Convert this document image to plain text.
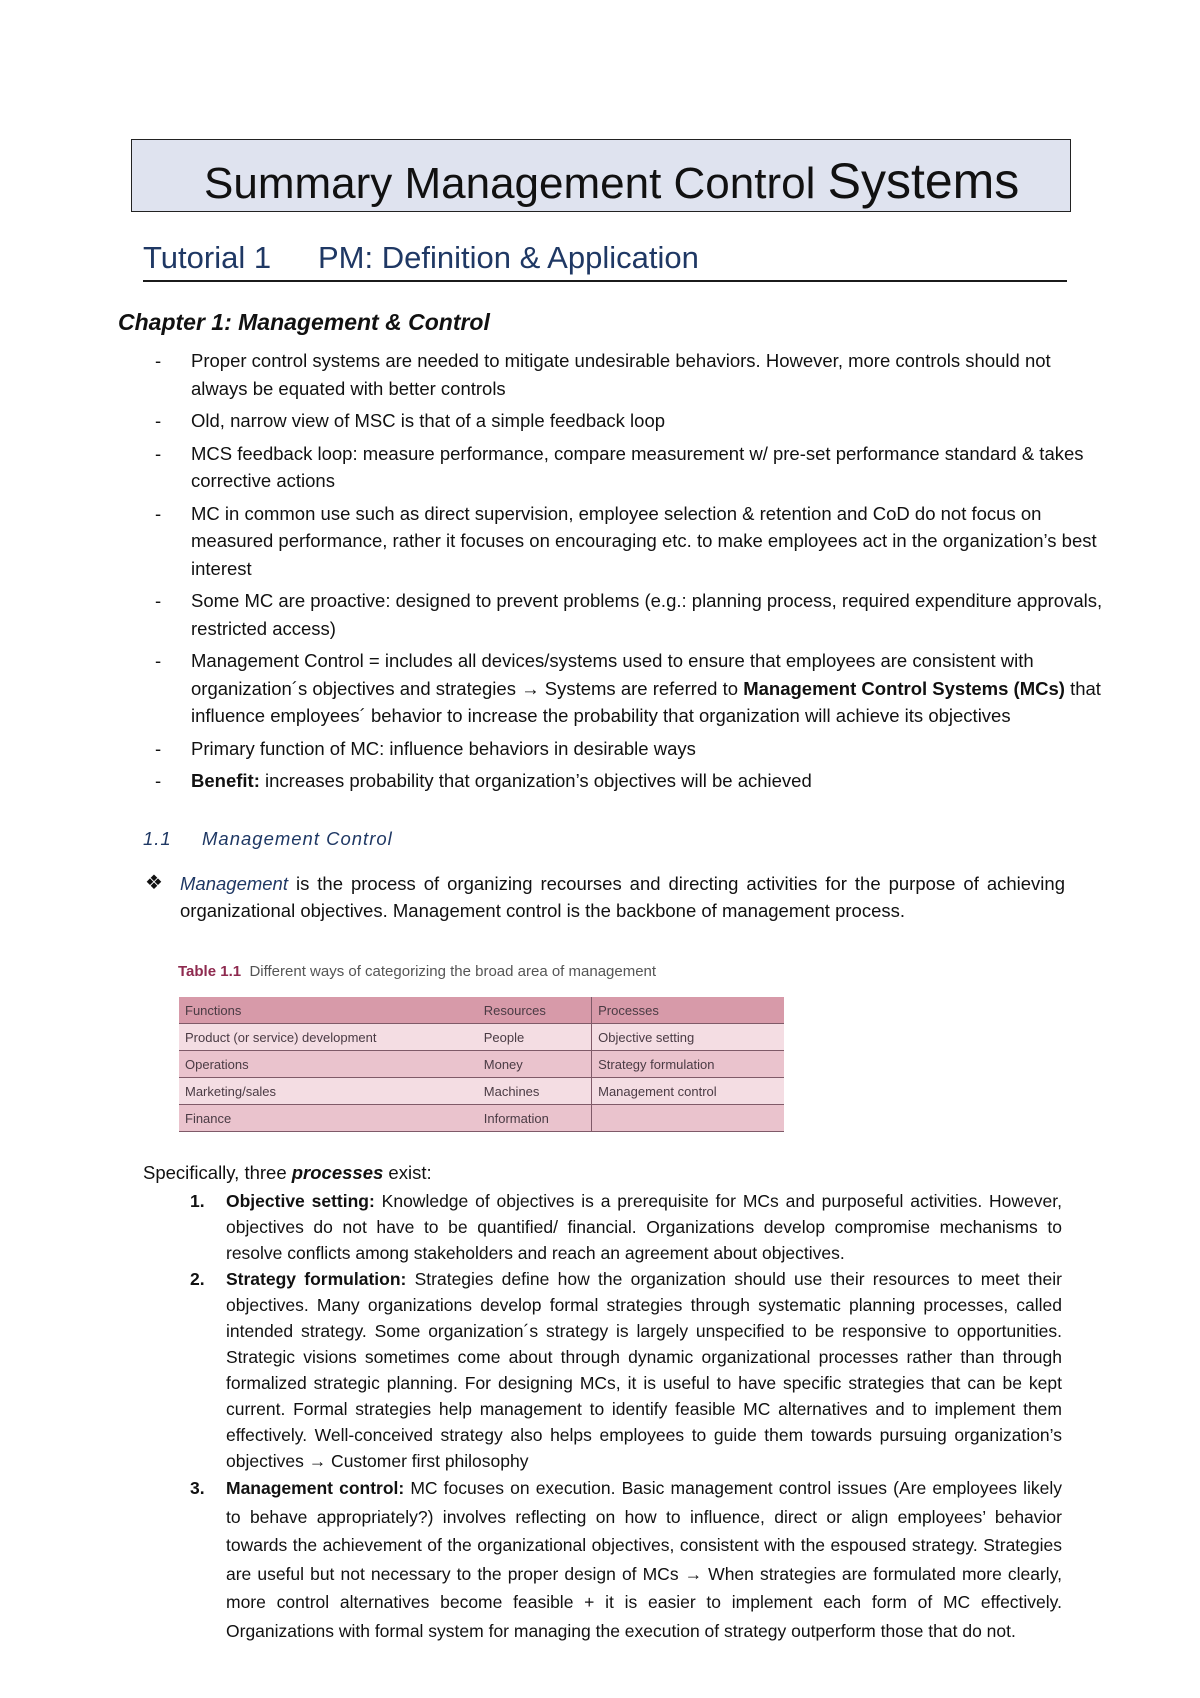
Summary Management Control Systems
Tutorial 1 PM: Definition & Application
Chapter 1: Management & Control
- Proper control systems are needed to mitigate undesirable behaviors. However, more controls should not always be equated with better controls
- Old, narrow view of MSC is that of a simple feedback loop
- MCS feedback loop: measure performance, compare measurement w/ pre-set performance standard & takes corrective actions
- MC in common use such as direct supervision, employee selection & retention and CoD do not focus on measured performance, rather it focuses on encouraging etc. to make employees act in the organization’s best interest
- Some MC are proactive: designed to prevent problems (e.g.: planning process, required expenditure approvals, restricted access)
- Management Control = includes all devices/systems used to ensure that employees are consistent with organization´s objectives and strategies → Systems are referred to Management Control Systems (MCs) that influence employees´ behavior to increase the probability that organization will achieve its objectives
- Primary function of MC: influence behaviors in desirable ways
- Benefit: increases probability that organization’s objectives will be achieved
1.1 Management Control
❖ Management is the process of organizing recourses and directing activities for the purpose of achieving organizational objectives. Management control is the backbone of management process.
Table 1.1 Different ways of categorizing the broad area of management
Functions	Resources	Processes
Product (or service) development	People	Objective setting
Operations	Money	Strategy formulation
Marketing/sales	Machines	Management control
Finance	Information	
Specifically, three processes exist:
1. Objective setting: Knowledge of objectives is a prerequisite for MCs and purposeful activities. However, objectives do not have to be quantified/ financial. Organizations develop compromise mechanisms to resolve conflicts among stakeholders and reach an agreement about objectives.
2. Strategy formulation: Strategies define how the organization should use their resources to meet their objectives. Many organizations develop formal strategies through systematic planning processes, called intended strategy. Some organization´s strategy is largely unspecified to be responsive to opportunities. Strategic visions sometimes come about through dynamic organizational processes rather than through formalized strategic planning. For designing MCs, it is useful to have specific strategies that can be kept current. Formal strategies help management to identify feasible MC alternatives and to implement them effectively. Well-conceived strategy also helps employees to guide them towards pursuing organization’s objectives → Customer first philosophy
3. Management control: MC focuses on execution. Basic management control issues (Are employees likely to behave appropriately?) involves reflecting on how to influence, direct or align employees’ behavior towards the achievement of the organizational objectives, consistent with the espoused strategy. Strategies are useful but not necessary to the proper design of MCs → When strategies are formulated more clearly, more control alternatives become feasible + it is easier to implement each form of MC effectively. Organizations with formal system for managing the execution of strategy outperform those that do not.
